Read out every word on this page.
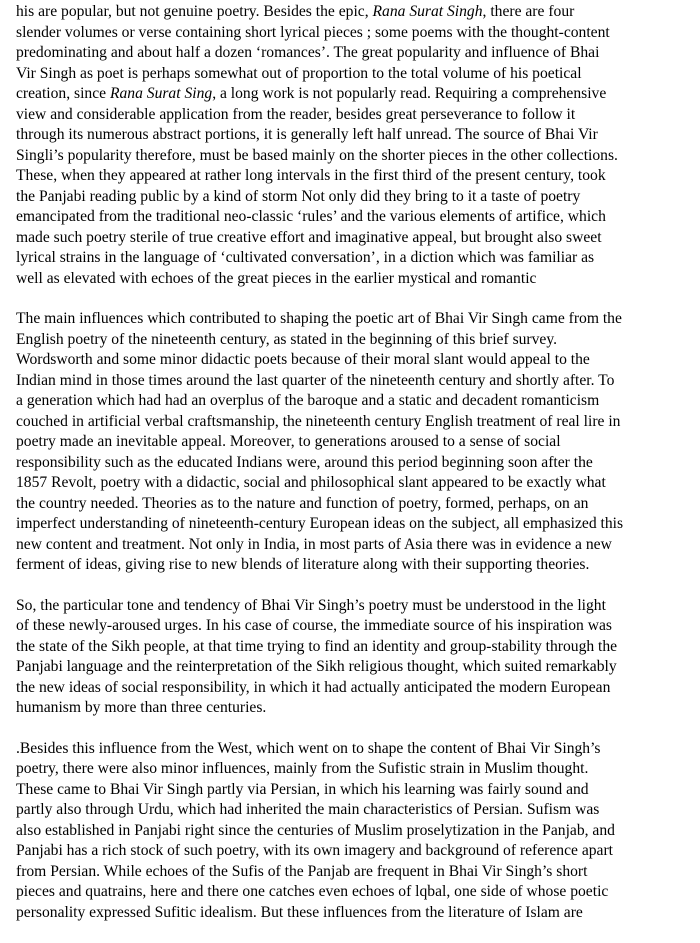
his are popular, but not genuine poetry. Besides the epic, Rana Surat Singh, there are four
slender volumes or verse containing short lyrical pieces ; some poems with the thought-content
predominating and about half a dozen ‘romances’. The great popularity and influence of Bhai
Vir Singh as poet is perhaps somewhat out of proportion to the total volume of his poetical
creation, since Rana Surat Sing, a long work is not popularly read. Requiring a comprehensive
view and considerable application from the reader, besides great perseverance to follow it
through its numerous abstract portions, it is generally left half unread. The source of Bhai Vir
Singli’s popularity therefore, must be based mainly on the shorter pieces in the other collections.
These, when they appeared at rather long intervals in the first third of the present century, took
the Panjabi reading public by a kind of storm Not only did they bring to it a taste of poetry
emancipated from the traditional neo-classic ‘rules’ and the various elements of artifice, which
made such poetry sterile of true creative effort and imaginative appeal, but brought also sweet
lyrical strains in the language of ‘cultivated conversation’, in a diction which was familiar as
well as elevated with echoes of the great pieces in the earlier mystical and romantic

The main influences which contributed to shaping the poetic art of Bhai Vir Singh came from the
English poetry of the nineteenth century, as stated in the beginning of this brief survey.
Wordsworth and some minor didactic poets because of their moral slant would appeal to the
Indian mind in those times around the last quarter of the nineteenth century and shortly after. To
a generation which had had an overplus of the baroque and a static and decadent romanticism
couched in artificial verbal craftsmanship, the nineteenth century English treatment of real lire in
poetry made an inevitable appeal. Moreover, to generations aroused to a sense of social
responsibility such as the educated Indians were, around this period beginning soon after the
1857 Revolt, poetry with a didactic, social and philosophical slant appeared to be exactly what
the country needed. Theories as to the nature and function of poetry, formed, perhaps, on an
imperfect understanding of nineteenth-century European ideas on the subject, all emphasized this
new content and treatment. Not only in India, in most parts of Asia there was in evidence a new
ferment of ideas, giving rise to new blends of literature along with their supporting theories.

So, the particular tone and tendency of Bhai Vir Singh’s poetry must be understood in the light
of these newly-aroused urges. In his case of course, the immediate source of his inspiration was
the state of the Sikh people, at that time trying to find an identity and group-stability through the
Panjabi language and the reinterpretation of the Sikh religious thought, which suited remarkably
the new ideas of social responsibility, in which it had actually anticipated the modern European
humanism by more than three centuries.

.Besides this influence from the West, which went on to shape the content of Bhai Vir Singh’s
poetry, there were also minor influences, mainly from the Sufistic strain in Muslim thought.
These came to Bhai Vir Singh partly via Persian, in which his learning was fairly sound and
partly also through Urdu, which had inherited the main characteristics of Persian. Sufism was
also established in Panjabi right since the centuries of Muslim proselytization in the Panjab, and
Panjabi has a rich stock of such poetry, with its own imagery and background of reference apart
from Persian. While echoes of the Sufis of the Panjab are frequent in Bhai Vir Singh’s short
pieces and quatrains, here and there one catches even echoes of lqbal, one side of whose poetic
personality expressed Sufitic idealism. But these influences from the literature of Islam are
